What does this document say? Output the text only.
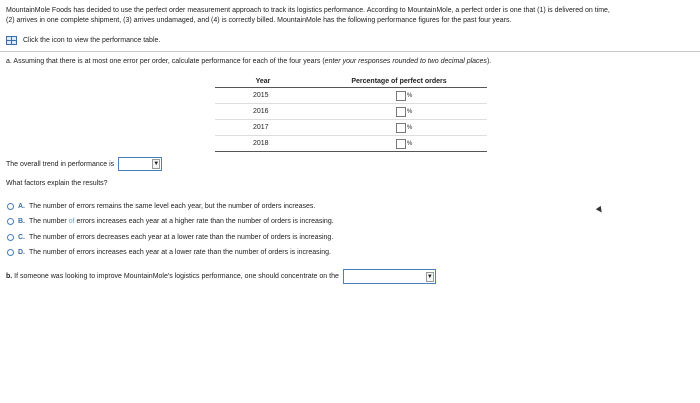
MountainMole Foods has decided to use the perfect order measurement approach to track its logistics performance. According to MountainMole, a perfect order is one that (1) is delivered on time,
(2) arrives in one complete shipment, (3) arrives undamaged, and (4) is correctly billed. MountainMole has the following performance figures for the past four years.
Click the icon to view the performance table.
a. Assuming that there is at most one error per order, calculate performance for each of the four years (enter your responses rounded to two decimal places).
Year	Percentage of perfect orders
2015	%

2016	%

2017	%

2018	%
The overall trend in performance is	▼
What factors explain the results?
A. The number of errors remains the same level each year, but the number of orders increases.
B. The number of errors increases each year at a higher rate than the number of orders is increasing.
C. The number of errors decreases each year at a lower rate than the number of orders is increasing.
D. The number of errors increases each year at a lower rate than the number of orders is increasing.
b. If someone was looking to improve MountainMole's logistics performance, one should concentrate on the	▼
